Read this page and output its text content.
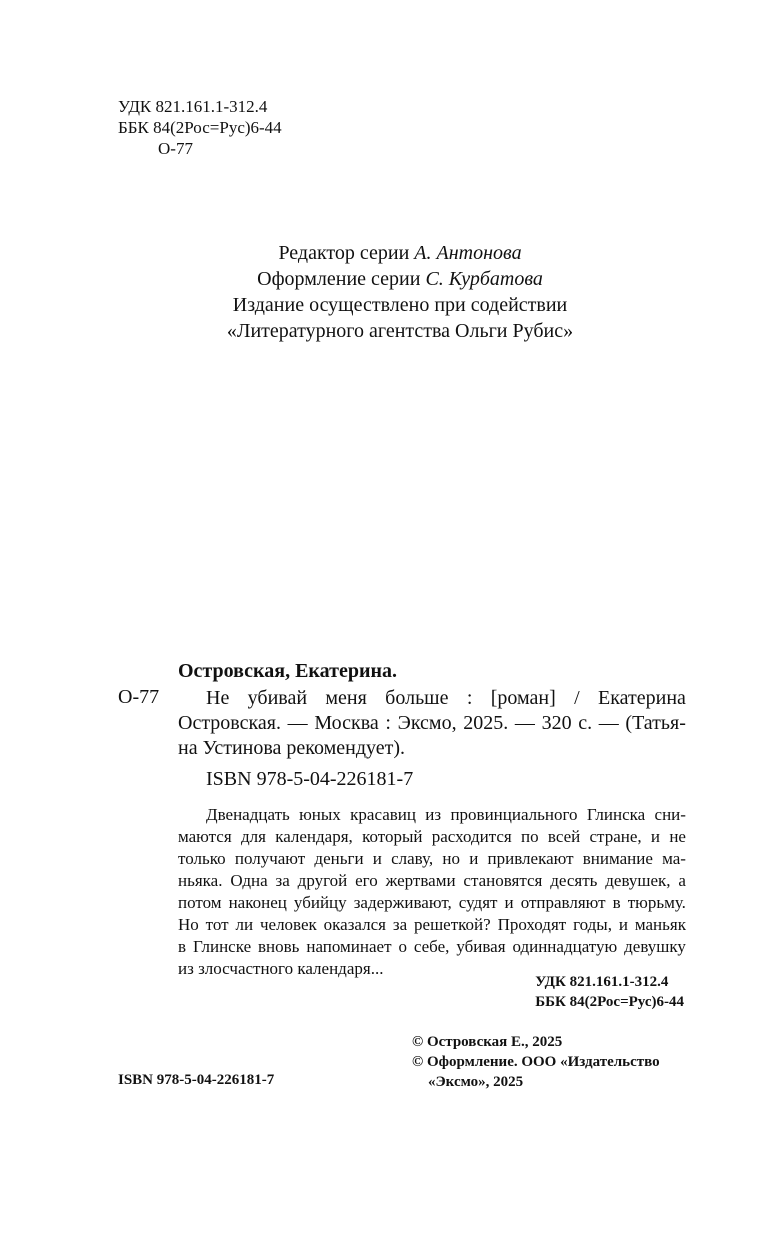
УДК 821.161.1-312.4
ББК 84(2Рос=Рус)6-44
О-77
Редактор серии А. Антонова
Оформление серии С. Курбатова
Издание осуществлено при содействии
«Литературного агентства Ольги Рубис»
Островская, Екатерина.
О-77 Не убивай меня больше : [роман] / Екатерина
Островская. — Москва : Эксмо, 2025. — 320 с. — (Татья-
на Устинова рекомендует).
ISBN 978-5-04-226181-7
Двенадцать юных красавиц из провинциального Глинска сни-
маются для календаря, который расходится по всей стране, и не
только получают деньги и славу, но и привлекают внимание ма-
ньяка. Одна за другой его жертвами становятся десять девушек, а
потом наконец убийцу задерживают, судят и отправляют в тюрьму.
Но тот ли человек оказался за решеткой? Проходят годы, и маньяк
в Глинске вновь напоминает о себе, убивая одиннадцатую девушку
из злосчастного календаря...
УДК 821.161.1-312.4
ББК 84(2Рос=Рус)6-44
© Островская Е., 2025
© Оформление. ООО «Издательство
«Эксмо», 2025
ISBN 978-5-04-226181-7
